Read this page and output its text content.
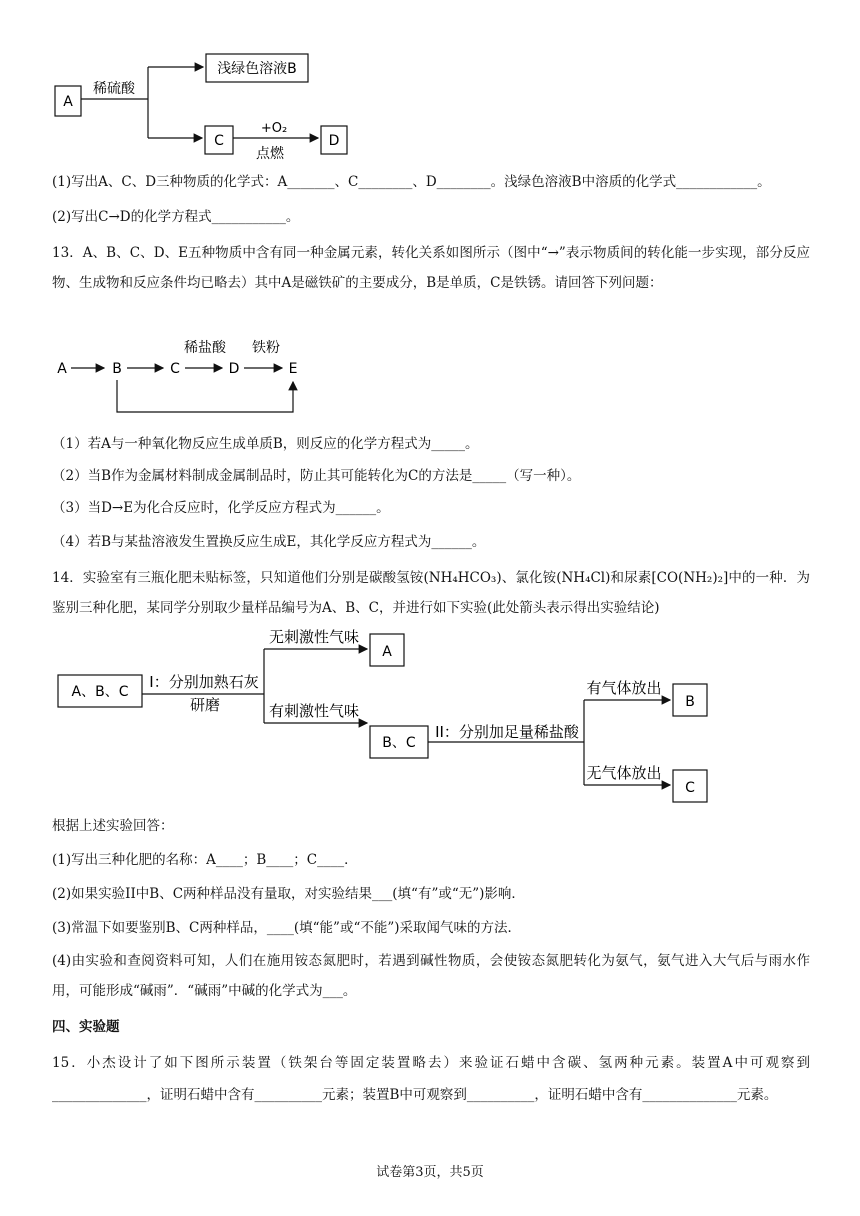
A
稀硫酸
浅绿色溶液B
C
+O₂
点燃
D
(1)写出A、C、D三种物质的化学式：A_______、C________、D________。浅绿色溶液B中溶质的化学式____________。
(2)写出C→D的化学方程式___________。
13．A、B、C、D、E五种物质中含有同一种金属元素，转化关系如图所示（图中“→”表示物质间的转化能一步实现，部分反应物、生成物和反应条件均已略去）其中A是磁铁矿的主要成分，B是单质，C是铁锈。请回答下列问题：
A	B	C
稀盐酸
D
铁粉
E
（1）若A与一种氧化物反应生成单质B，则反应的化学方程式为_____。
（2）当B作为金属材料制成金属制品时，防止其可能转化为C的方法是_____（写一种）。
（3）当D→E为化合反应时，化学反应方程式为______。
（4）若B与某盐溶液发生置换反应生成E，其化学反应方程式为______。
14．实验室有三瓶化肥未贴标签，只知道他们分别是碳酸氢铵(NH₄HCO₃)、氯化铵(NH₄Cl)和尿素[CO(NH₂)₂]中的一种．为鉴别三种化肥，某同学分别取少量样品编号为A、B、C，并进行如下实验(此处箭头表示得出实验结论)
A、B、C
I：分别加熟石灰
研磨
无刺激性气味
A
有刺激性气味
B、C
II：分别加足量稀盐酸
有气体放出
B
无气体放出
C
根据上述实验回答：
(1)写出三种化肥的名称：A____；B____；C____．
(2)如果实验II中B、C两种样品没有量取，对实验结果___(填“有”或“无”)影响．
(3)常温下如要鉴别B、C两种样品，____(填“能”或“不能”)采取闻气味的方法．
(4)由实验和查阅资料可知，人们在施用铵态氮肥时，若遇到碱性物质，会使铵态氮肥转化为氨气，氨气进入大气后与雨水作用，可能形成“碱雨”．“碱雨”中碱的化学式为___。
四、实验题
15．小杰设计了如下图所示装置（铁架台等固定装置略去）来验证石蜡中含碳、氢两种元素。装置A中可观察到______________，证明石蜡中含有__________元素；装置B中可观察到__________，证明石蜡中含有______________元素。
试卷第3页，共5页
